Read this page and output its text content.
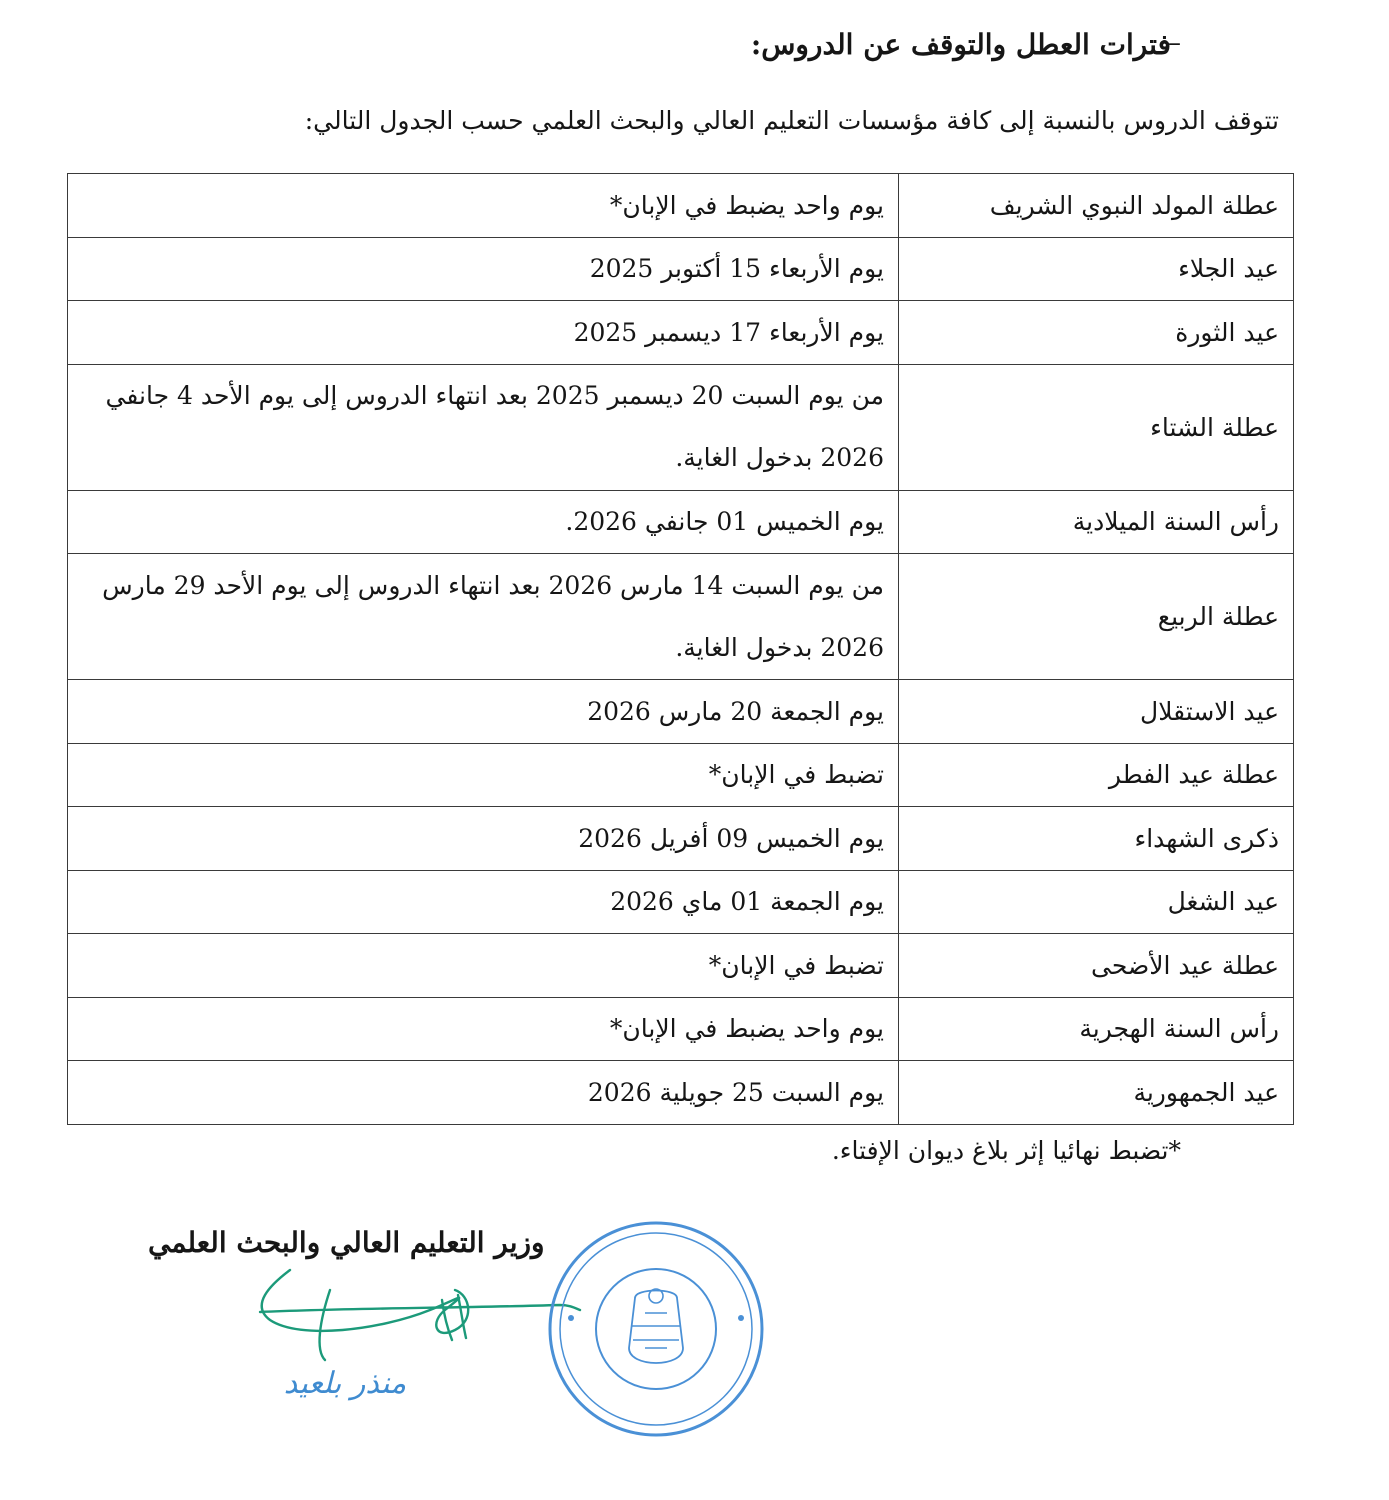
–
فترات العطل والتوقف عن الدروس:
تتوقف الدروس بالنسبة إلى كافة مؤسسات التعليم العالي والبحث العلمي حسب الجدول التالي:
عطلة المولد النبوي الشريف	يوم واحد يضبط في الإبان*
عيد الجلاء	يوم الأربعاء 15 أكتوبر 2025
عيد الثورة	يوم الأربعاء 17 ديسمبر 2025
عطلة الشتاء	من يوم السبت 20 ديسمبر 2025 بعد انتهاء الدروس إلى يوم الأحد 4 جانفي 2026 بدخول الغاية.
رأس السنة الميلادية	يوم الخميس 01 جانفي 2026.
عطلة الربيع	من يوم السبت 14 مارس 2026 بعد انتهاء الدروس إلى يوم الأحد 29 مارس 2026 بدخول الغاية.
عيد الاستقلال	يوم الجمعة 20 مارس 2026
عطلة عيد الفطر	تضبط في الإبان*
ذكرى الشهداء	يوم الخميس 09 أفريل 2026
عيد الشغل	يوم الجمعة 01 ماي 2026
عطلة عيد الأضحى	تضبط في الإبان*
رأس السنة الهجرية	يوم واحد يضبط في الإبان*
عيد الجمهورية	يوم السبت 25 جويلية 2026
*تضبط نهائيا إثر بلاغ ديوان الإفتاء.
وزير التعليم العالي والبحث العلمي
منذر بلعيد
